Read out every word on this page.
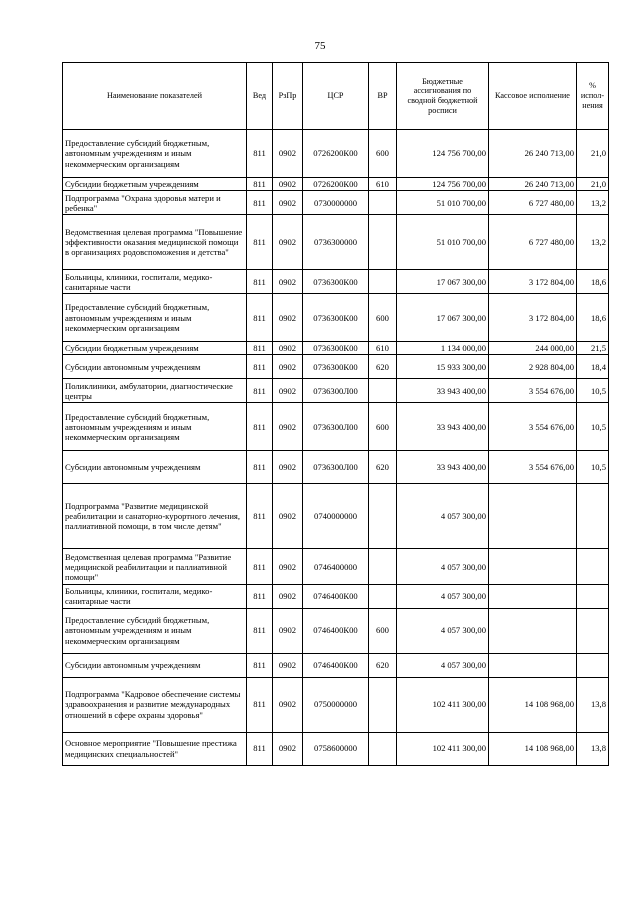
75
Наименование показателей	Вед	РзПр	ЦСР	ВР	Бюджетные ассигнования по сводной бюджетной росписи	Кассовое исполнение	% испол-нения
Предоставление субсидий бюджетным, автономным учреждениям и иным некоммерческим организациям	811	0902	0726200К00	600	124 756 700,00	26 240 713,00	21,0
Субсидии бюджетным учреждениям	811	0902	0726200К00	610	124 756 700,00	26 240 713,00	21,0
Подпрограмма "Охрана здоровья матери и ребенка"	811	0902	0730000000		51 010 700,00	6 727 480,00	13,2
Ведомственная целевая программа "Повышение эффективности оказания медицинской помощи в организациях родовспоможения и детства"	811	0902	0736300000		51 010 700,00	6 727 480,00	13,2
Больницы, клиники, госпитали, медико-санитарные части	811	0902	0736300К00		17 067 300,00	3 172 804,00	18,6
Предоставление субсидий бюджетным, автономным учреждениям и иным некоммерческим организациям	811	0902	0736300К00	600	17 067 300,00	3 172 804,00	18,6
Субсидии бюджетным учреждениям	811	0902	0736300К00	610	1 134 000,00	244 000,00	21,5
Субсидии автономным учреждениям	811	0902	0736300К00	620	15 933 300,00	2 928 804,00	18,4
Поликлиники, амбулатории, диагностические центры	811	0902	0736300Л00		33 943 400,00	3 554 676,00	10,5
Предоставление субсидий бюджетным, автономным учреждениям и иным некоммерческим организациям	811	0902	0736300Л00	600	33 943 400,00	3 554 676,00	10,5
Субсидии автономным учреждениям	811	0902	0736300Л00	620	33 943 400,00	3 554 676,00	10,5
Подпрограмма "Развитие медицинской реабилитации и санаторно-курортного лечения, паллиативной помощи, в том числе детям"	811	0902	0740000000		4 057 300,00		
Ведомственная целевая программа "Развитие медицинской реабилитации и паллиативной помощи"	811	0902	0746400000		4 057 300,00		
Больницы, клиники, госпитали, медико-санитарные части	811	0902	0746400К00		4 057 300,00		
Предоставление субсидий бюджетным, автономным учреждениям и иным некоммерческим организациям	811	0902	0746400К00	600	4 057 300,00		
Субсидии автономным учреждениям	811	0902	0746400К00	620	4 057 300,00		
Подпрограмма "Кадровое обеспечение системы здравоохранения и развитие международных отношений в сфере охраны здоровья"	811	0902	0750000000		102 411 300,00	14 108 968,00	13,8
Основное мероприятие "Повышение престижа медицинских специальностей"	811	0902	0758600000		102 411 300,00	14 108 968,00	13,8
